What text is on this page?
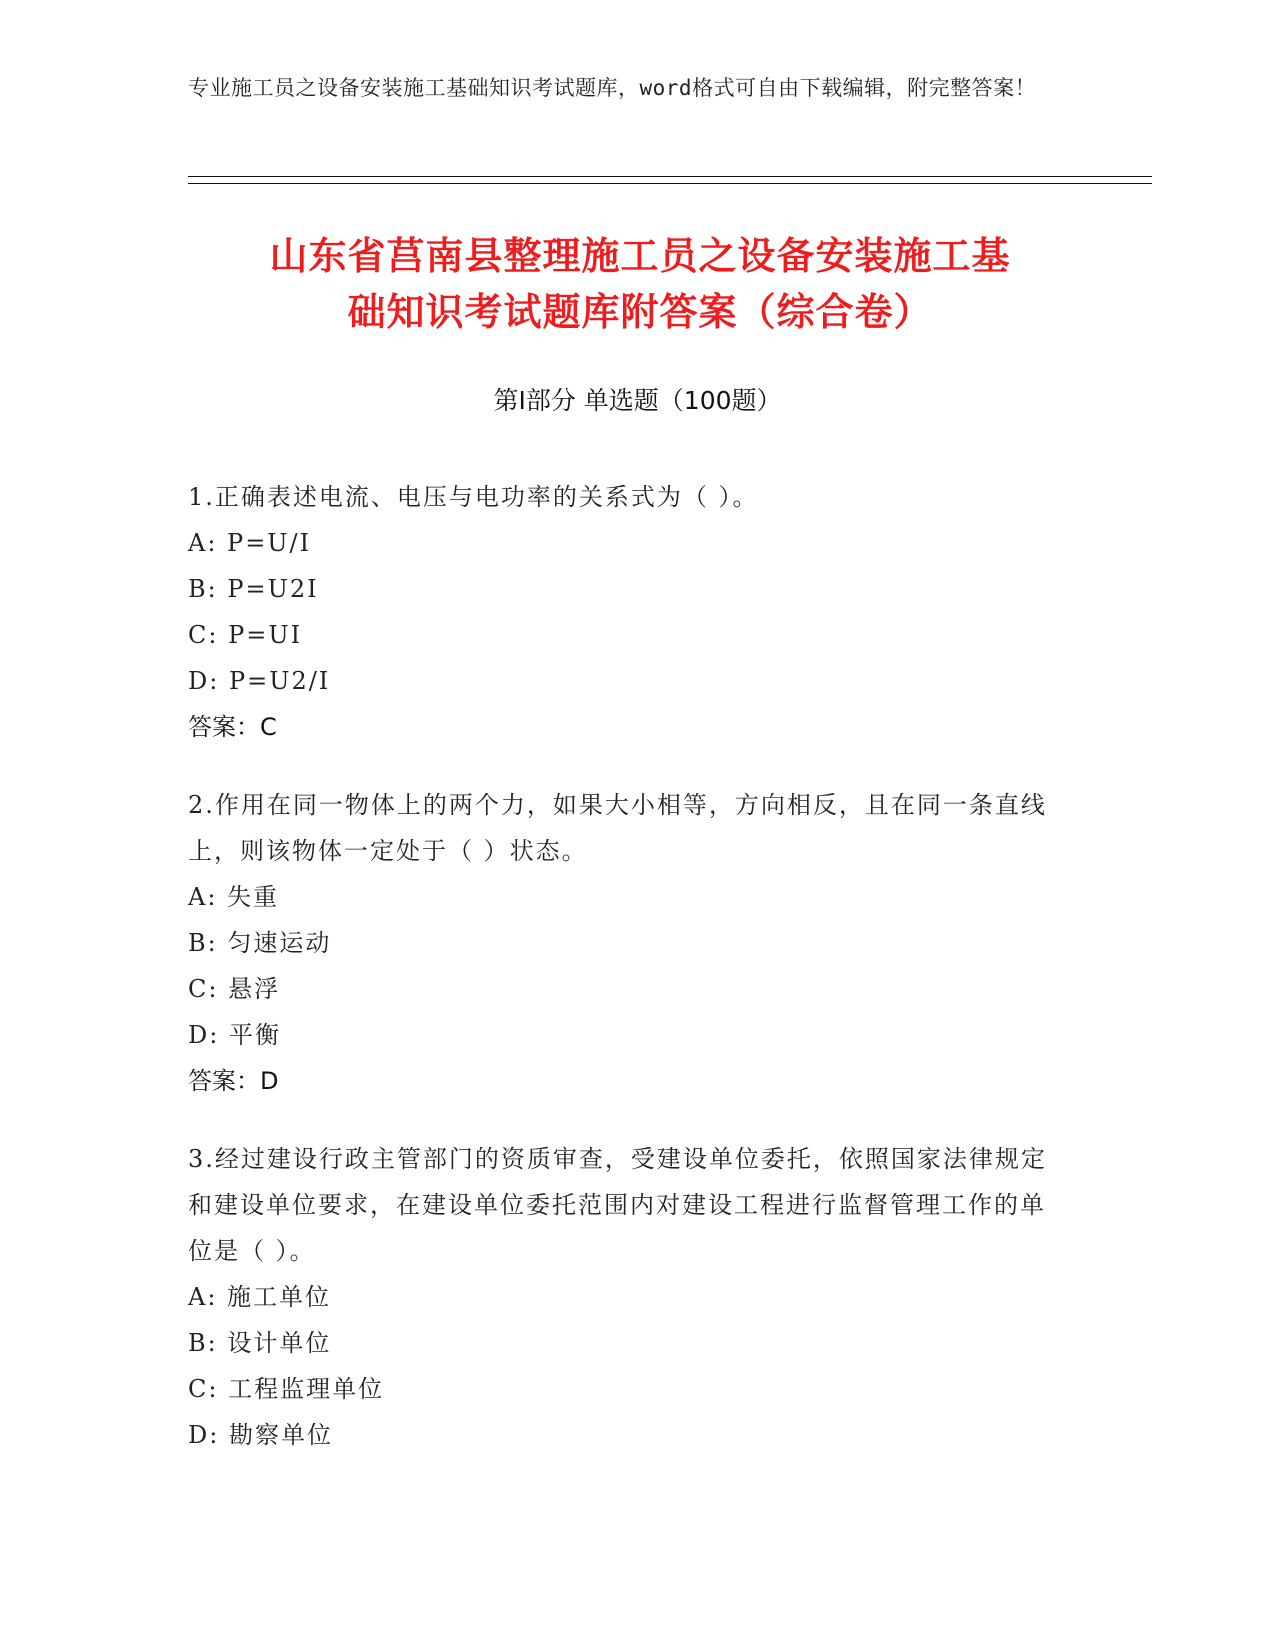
专业施工员之设备安装施工基础知识考试题库，word格式可自由下载编辑，附完整答案！
山东省莒南县整理施工员之设备安装施工基
础知识考试题库附答案（综合卷）
第Ⅰ部分 单选题（100题）

1.正确表述电流、电压与电功率的关系式为（ ）。

A: P=U/I

B: P=U2I

C: P=UI

D: P=U2/I

答案：C

2.作用在同一物体上的两个力，如果大小相等，方向相反，且在同一条直线上，则该物体一定处于（ ）状态。

A: 失重

B: 匀速运动

C: 悬浮

D: 平衡

答案：D

3.经过建设行政主管部门的资质审查，受建设单位委托，依照国家法律规定和建设单位要求，在建设单位委托范围内对建设工程进行监督管理工作的单位是（ ）。

A: 施工单位

B: 设计单位

C: 工程监理单位

D: 勘察单位
